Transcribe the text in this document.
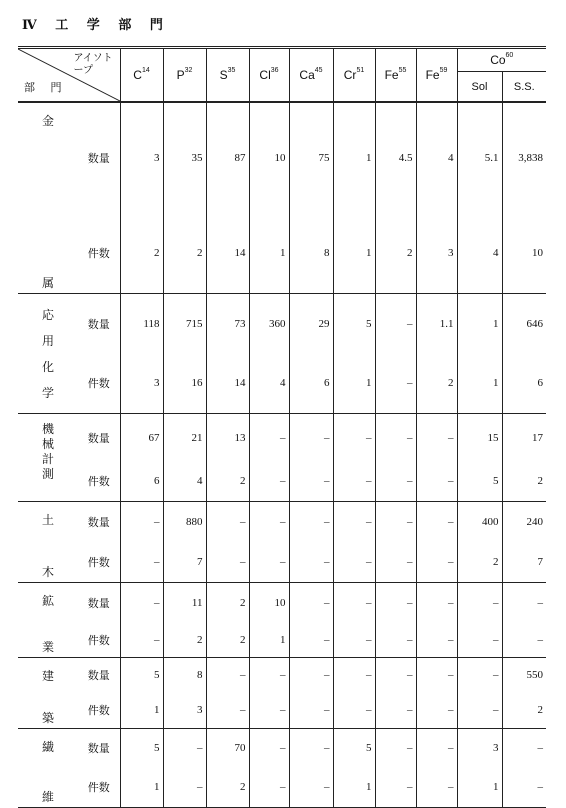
Ⅳ 工 学 部 門
アイソトープ
部 門		$C^{14}$	$P^{32}$	$S^{35}$	Cl$^{36}$	Ca$^{45}$	Cr$^{51}$	Fe$^{55}$	Fe$^{59}$	Co$^{60}$
										Sol	S.S.

金
属	数量	3	35	87	10	75	1	4.5	4	5.1	3,838
	件数	2	2	14	1	8	1	2	3	4	10

応
用
化
学	数量	118	715	73	360	29	5	–	1.1	1	646
	件数	3	16	14	4	6	1	–	2	1	6

機
械
計
測	数量	67	21	13	–	–	–	–	–	15	17
	件数	6	4	2	–	–	–	–	–	5	2

土
木	数量	–	880	–	–	–	–	–	–	400	240
	件数	–	7	–	–	–	–	–	–	2	7

鉱
業	数量	–	11	2	10	–	–	–	–	–	–
	件数	–	2	2	1	–	–	–	–	–	–

建
築	数量	5	8	–	–	–	–	–	–	–	550
	件数	1	3	–	–	–	–	–	–	–	2

繊
維	数量	5	–	70	–	–	5	–	–	3	–
	件数	1	–	2	–	–	1	–	–	1	–
